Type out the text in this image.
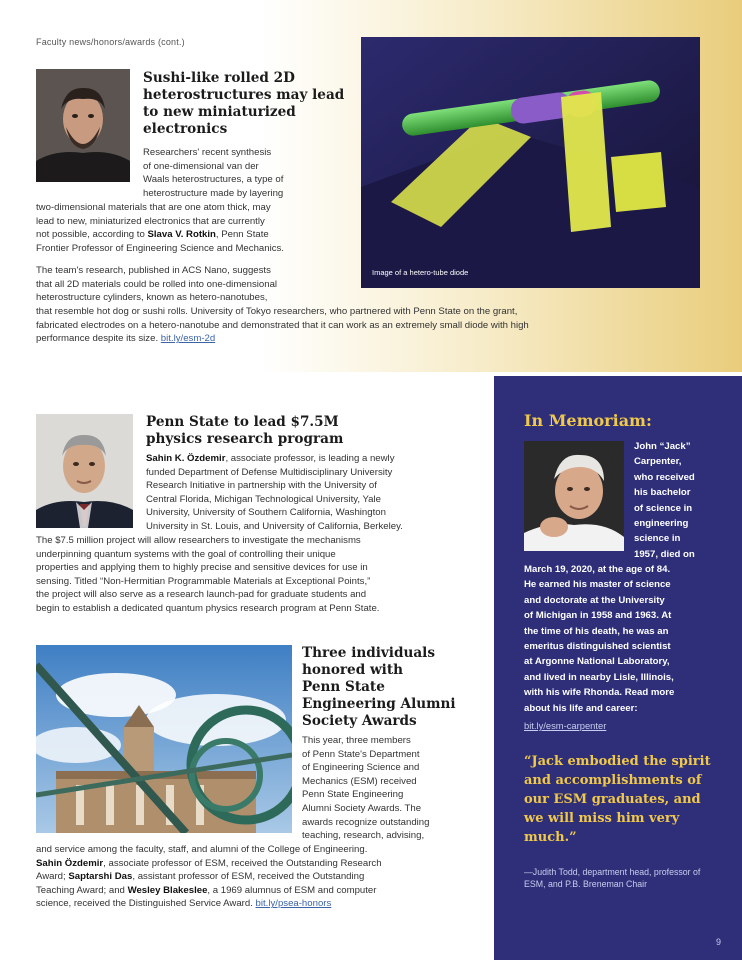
Faculty news/honors/awards (cont.)
Sushi-like rolled 2D heterostructures may lead to new miniaturized electronics
Researchers' recent synthesis
of one-dimensional van der
Waals heterostructures, a type of
heterostructure made by layering
two-dimensional materials that are one atom thick, may
lead to new, miniaturized electronics that are currently
not possible, according to Slava V. Rotkin, Penn State
Frontier Professor of Engineering Science and Mechanics.
The team's research, published in ACS Nano, suggests
that all 2D materials could be rolled into one-dimensional
heterostructure cylinders, known as hetero-nanotubes,
that resemble hot dog or sushi rolls. University of Tokyo researchers, who partnered with Penn State on the grant,
fabricated electrodes on a hetero-nanotube and demonstrated that it can work as an extremely small diode with high
performance despite its size. bit.ly/esm-2d
Image of a hetero-tube diode
Penn State to lead $7.5M physics research program
Sahin K. Özdemir, associate professor, is leading a newly
funded Department of Defense Multidisciplinary University
Research Initiative in partnership with the University of
Central Florida, Michigan Technological University, Yale
University, University of Southern California, Washington
University in St. Louis, and University of California, Berkeley.
The $7.5 million project will allow researchers to investigate the mechanisms
underpinning quantum systems with the goal of controlling their unique
properties and applying them to highly precise and sensitive devices for use in
sensing. Titled “Non-Hermitian Programmable Materials at Exceptional Points,”
the project will also serve as a research launch-pad for graduate students and
begin to establish a dedicated quantum physics research program at Penn State.
Three individuals
honored with
Penn State
Engineering Alumni
Society Awards
This year, three members
of Penn State's Department
of Engineering Science and
Mechanics (ESM) received
Penn State Engineering
Alumni Society Awards. The
awards recognize outstanding
teaching, research, advising,
and service among the faculty, staff, and alumni of the College of Engineering.
Sahin Özdemir, associate professor of ESM, received the Outstanding Research
Award; Saptarshi Das, assistant professor of ESM, received the Outstanding
Teaching Award; and Wesley Blakeslee, a 1969 alumnus of ESM and computer
science, received the Distinguished Service Award. bit.ly/psea-honors
In Memoriam:
John “Jack”
Carpenter,
who received
his bachelor
of science in
engineering
science in
1957, died on
March 19, 2020, at the age of 84.
He earned his master of science
and doctorate at the University
of Michigan in 1958 and 1963. At
the time of his death, he was an
emeritus distinguished scientist
at Argonne National Laboratory,
and lived in nearby Lisle, Illinois,
with his wife Rhonda. Read more
about his life and career:
bit.ly/esm-carpenter
“Jack embodied the spirit and accomplishments of our ESM graduates, and we will miss him very much.”
—Judith Todd, department head, professor of ESM, and P.B. Breneman Chair
9
